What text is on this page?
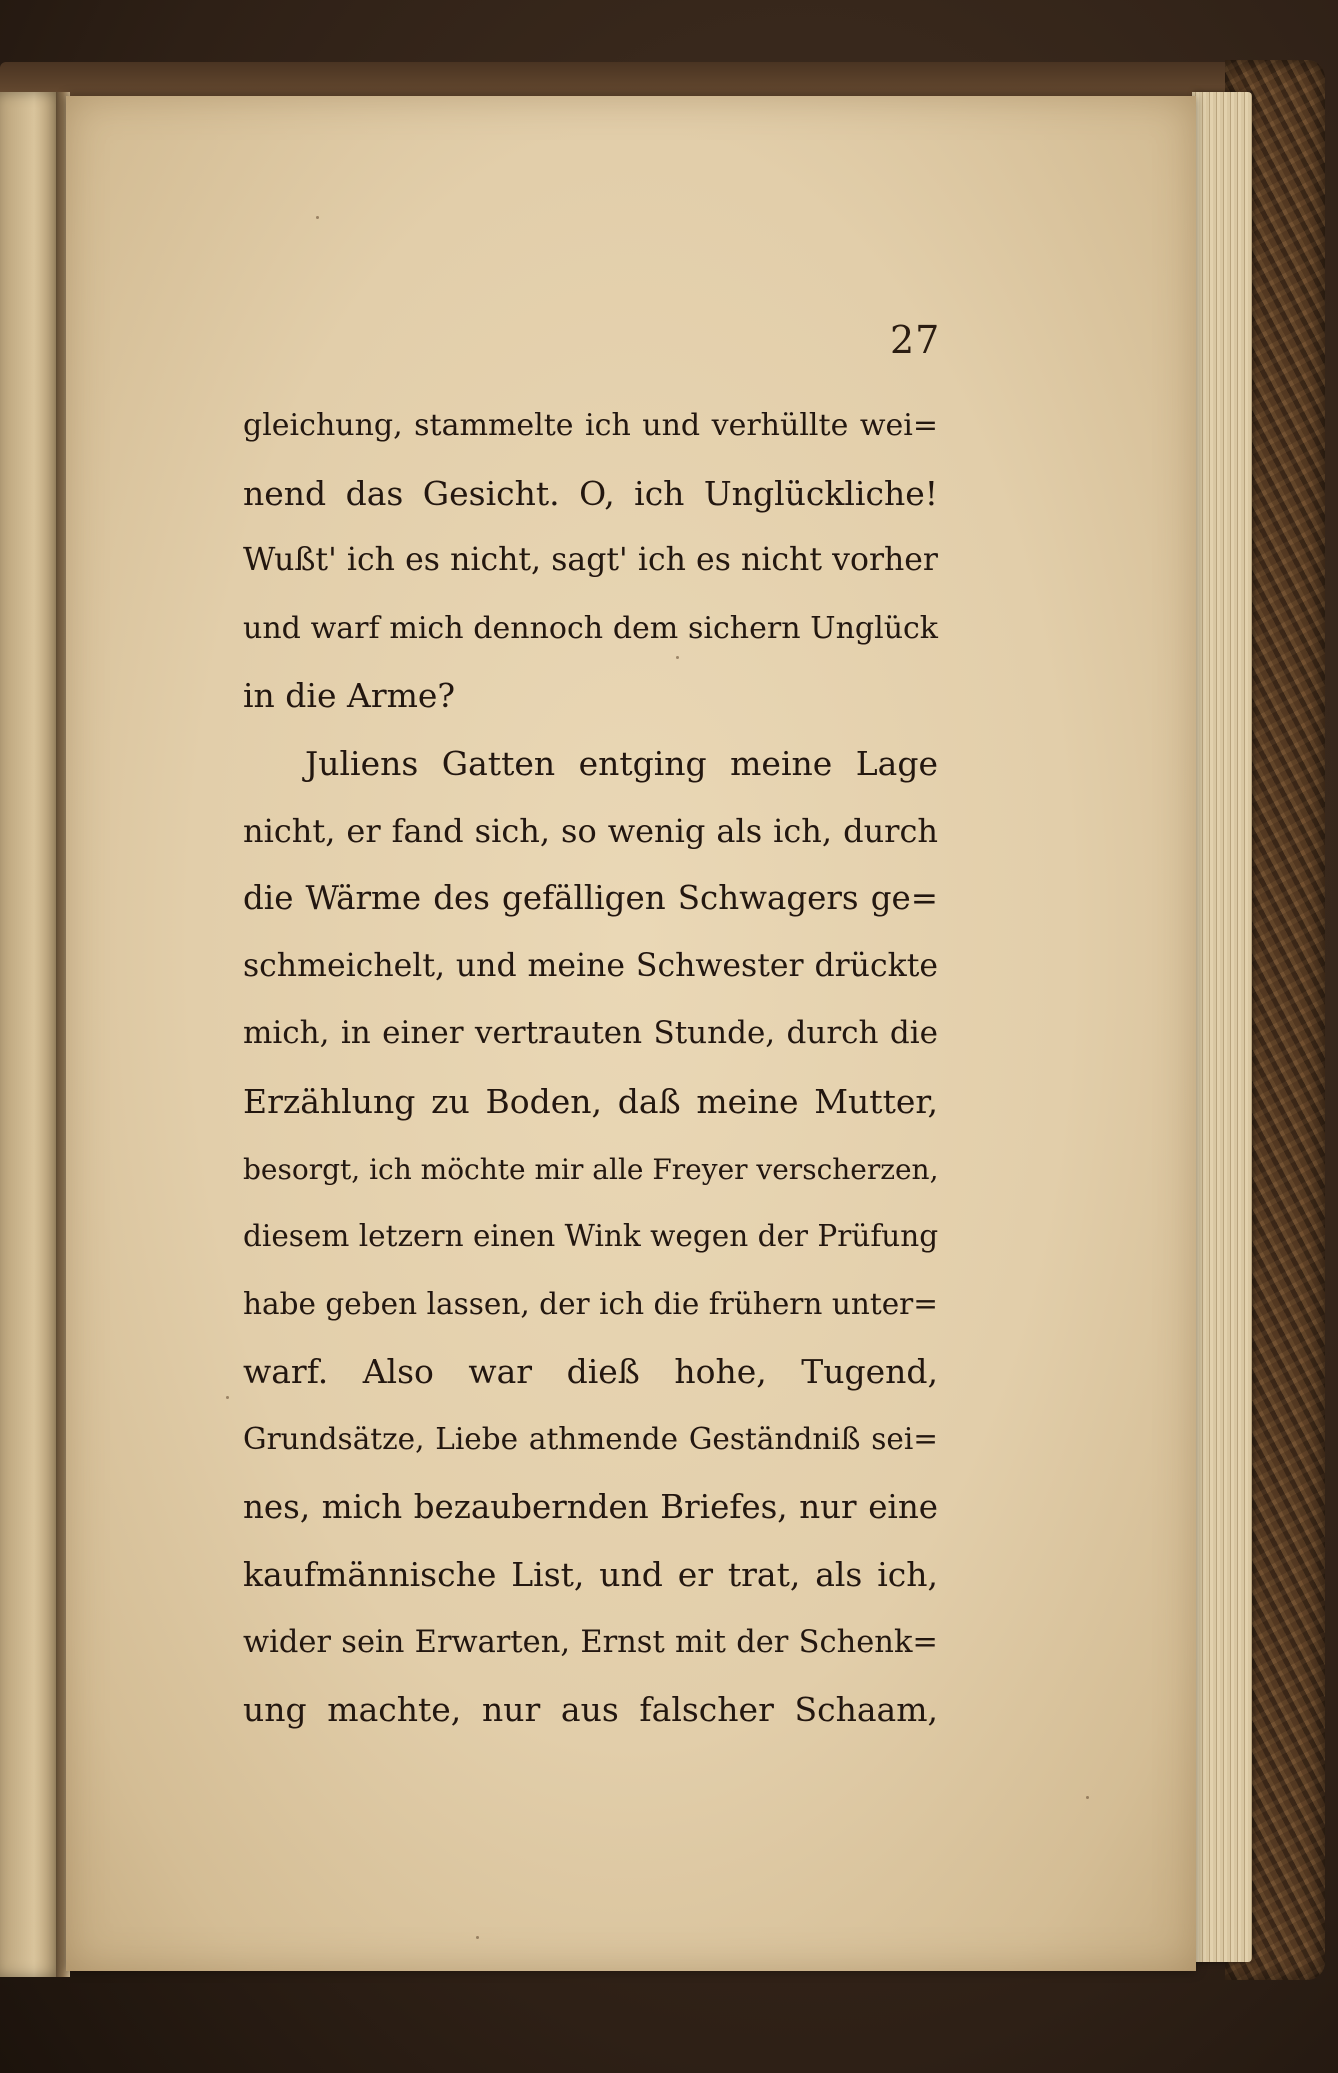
27
gleichung, stammelte ich und verhüllte wei=
nend das Gesicht. O, ich Unglückliche!
Wußt' ich es nicht, sagt' ich es nicht vorher
und warf mich dennoch dem sichern Unglück
in die Arme?
Juliens Gatten entging meine Lage
nicht, er fand sich, so wenig als ich, durch
die Wärme des gefälligen Schwagers ge=
schmeichelt, und meine Schwester drückte
mich, in einer vertrauten Stunde, durch die
Erzählung zu Boden, daß meine Mutter,
besorgt, ich möchte mir alle Freyer verscherzen,
diesem letzern einen Wink wegen der Prüfung
habe geben lassen, der ich die frühern unter=
warf. Also war dieß hohe, Tugend,
Grundsätze, Liebe athmende Geständniß sei=
nes, mich bezaubernden Briefes, nur eine
kaufmännische List, und er trat, als ich,
wider sein Erwarten, Ernst mit der Schenk=
ung machte, nur aus falscher Schaam,
